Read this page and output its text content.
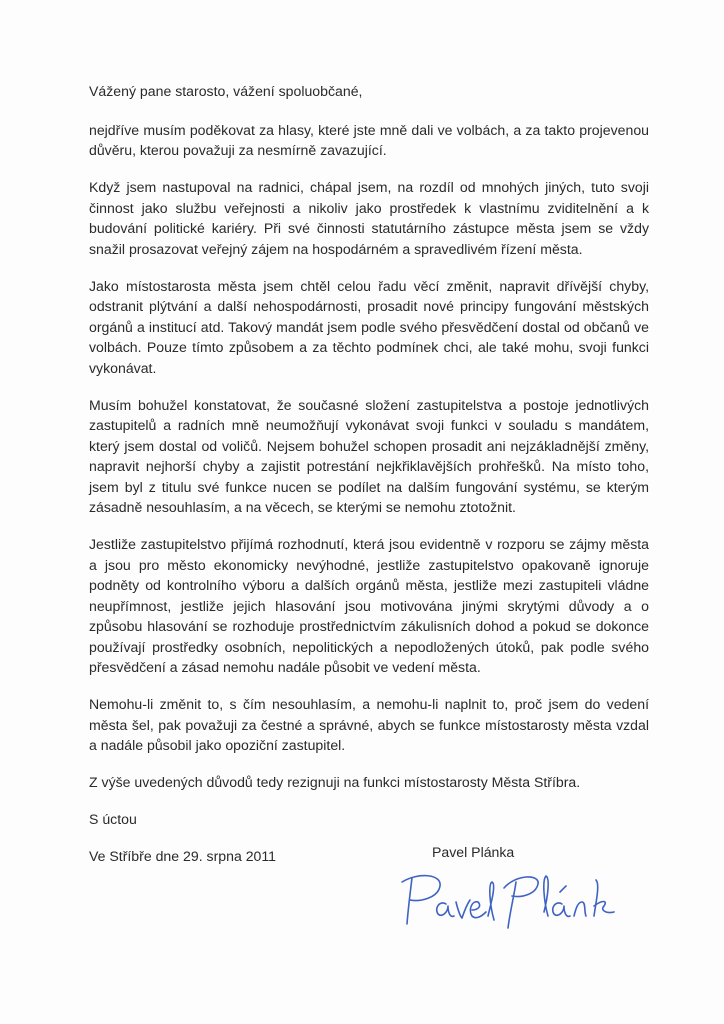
Vážený pane starosto, vážení spoluobčané,

nejdříve musím poděkovat za hlasy, které jste mně dali ve volbách, a za takto projevenou důvěru, kterou považuji za nesmírně zavazující.

Když jsem nastupoval na radnici, chápal jsem, na rozdíl od mnohých jiných, tuto svoji činnost jako službu veřejnosti a nikoliv jako prostředek k vlastnímu zviditelnění a k budování politické kariéry. Při své činnosti statutárního zástupce města jsem se vždy snažil prosazovat veřejný zájem na hospodárném a spravedlivém řízení města.

Jako místostarosta města jsem chtěl celou řadu věcí změnit, napravit dřívější chyby, odstranit plýtvání a další nehospodárnosti, prosadit nové principy fungování městských orgánů a institucí atd. Takový mandát jsem podle svého přesvědčení dostal od občanů ve volbách. Pouze tímto způsobem a za těchto podmínek chci, ale také mohu, svoji funkci vykonávat.

Musím bohužel konstatovat, že současné složení zastupitelstva a postoje jednotlivých zastupitelů a radních mně neumožňují vykonávat svoji funkci v souladu s mandátem, který jsem dostal od voličů. Nejsem bohužel schopen prosadit ani nejzákladnější změny, napravit nejhorší chyby a zajistit potrestání nejkřiklavějších prohřešků. Na místo toho, jsem byl z titulu své funkce nucen se podílet na dalším fungování systému, se kterým zásadně nesouhlasím, a na věcech, se kterými se nemohu ztotožnit.

Jestliže zastupitelstvo přijímá rozhodnutí, která jsou evidentně v rozporu se zájmy města a jsou pro město ekonomicky nevýhodné, jestliže zastupitelstvo opakovaně ignoruje podněty od kontrolního výboru a dalších orgánů města, jestliže mezi zastupiteli vládne neupřímnost, jestliže jejich hlasování jsou motivována jinými skrytými důvody a o způsobu hlasování se rozhoduje prostřednictvím zákulisních dohod a pokud se dokonce používají prostředky osobních, nepolitických a nepodložených útoků, pak podle svého přesvědčení a zásad nemohu nadále působit ve vedení města.

Nemohu-li změnit to, s čím nesouhlasím, a nemohu-li naplnit to, proč jsem do vedení města šel, pak považuji za čestné a správné, abych se funkce místostarosty města vzdal a nadále působil jako opoziční zastupitel.

Z výše uvedených důvodů tedy rezignuji na funkci místostarosty Města Stříbra.

S úctou

Ve Stříbře dne 29. srpna 2011	Pavel Plánka
